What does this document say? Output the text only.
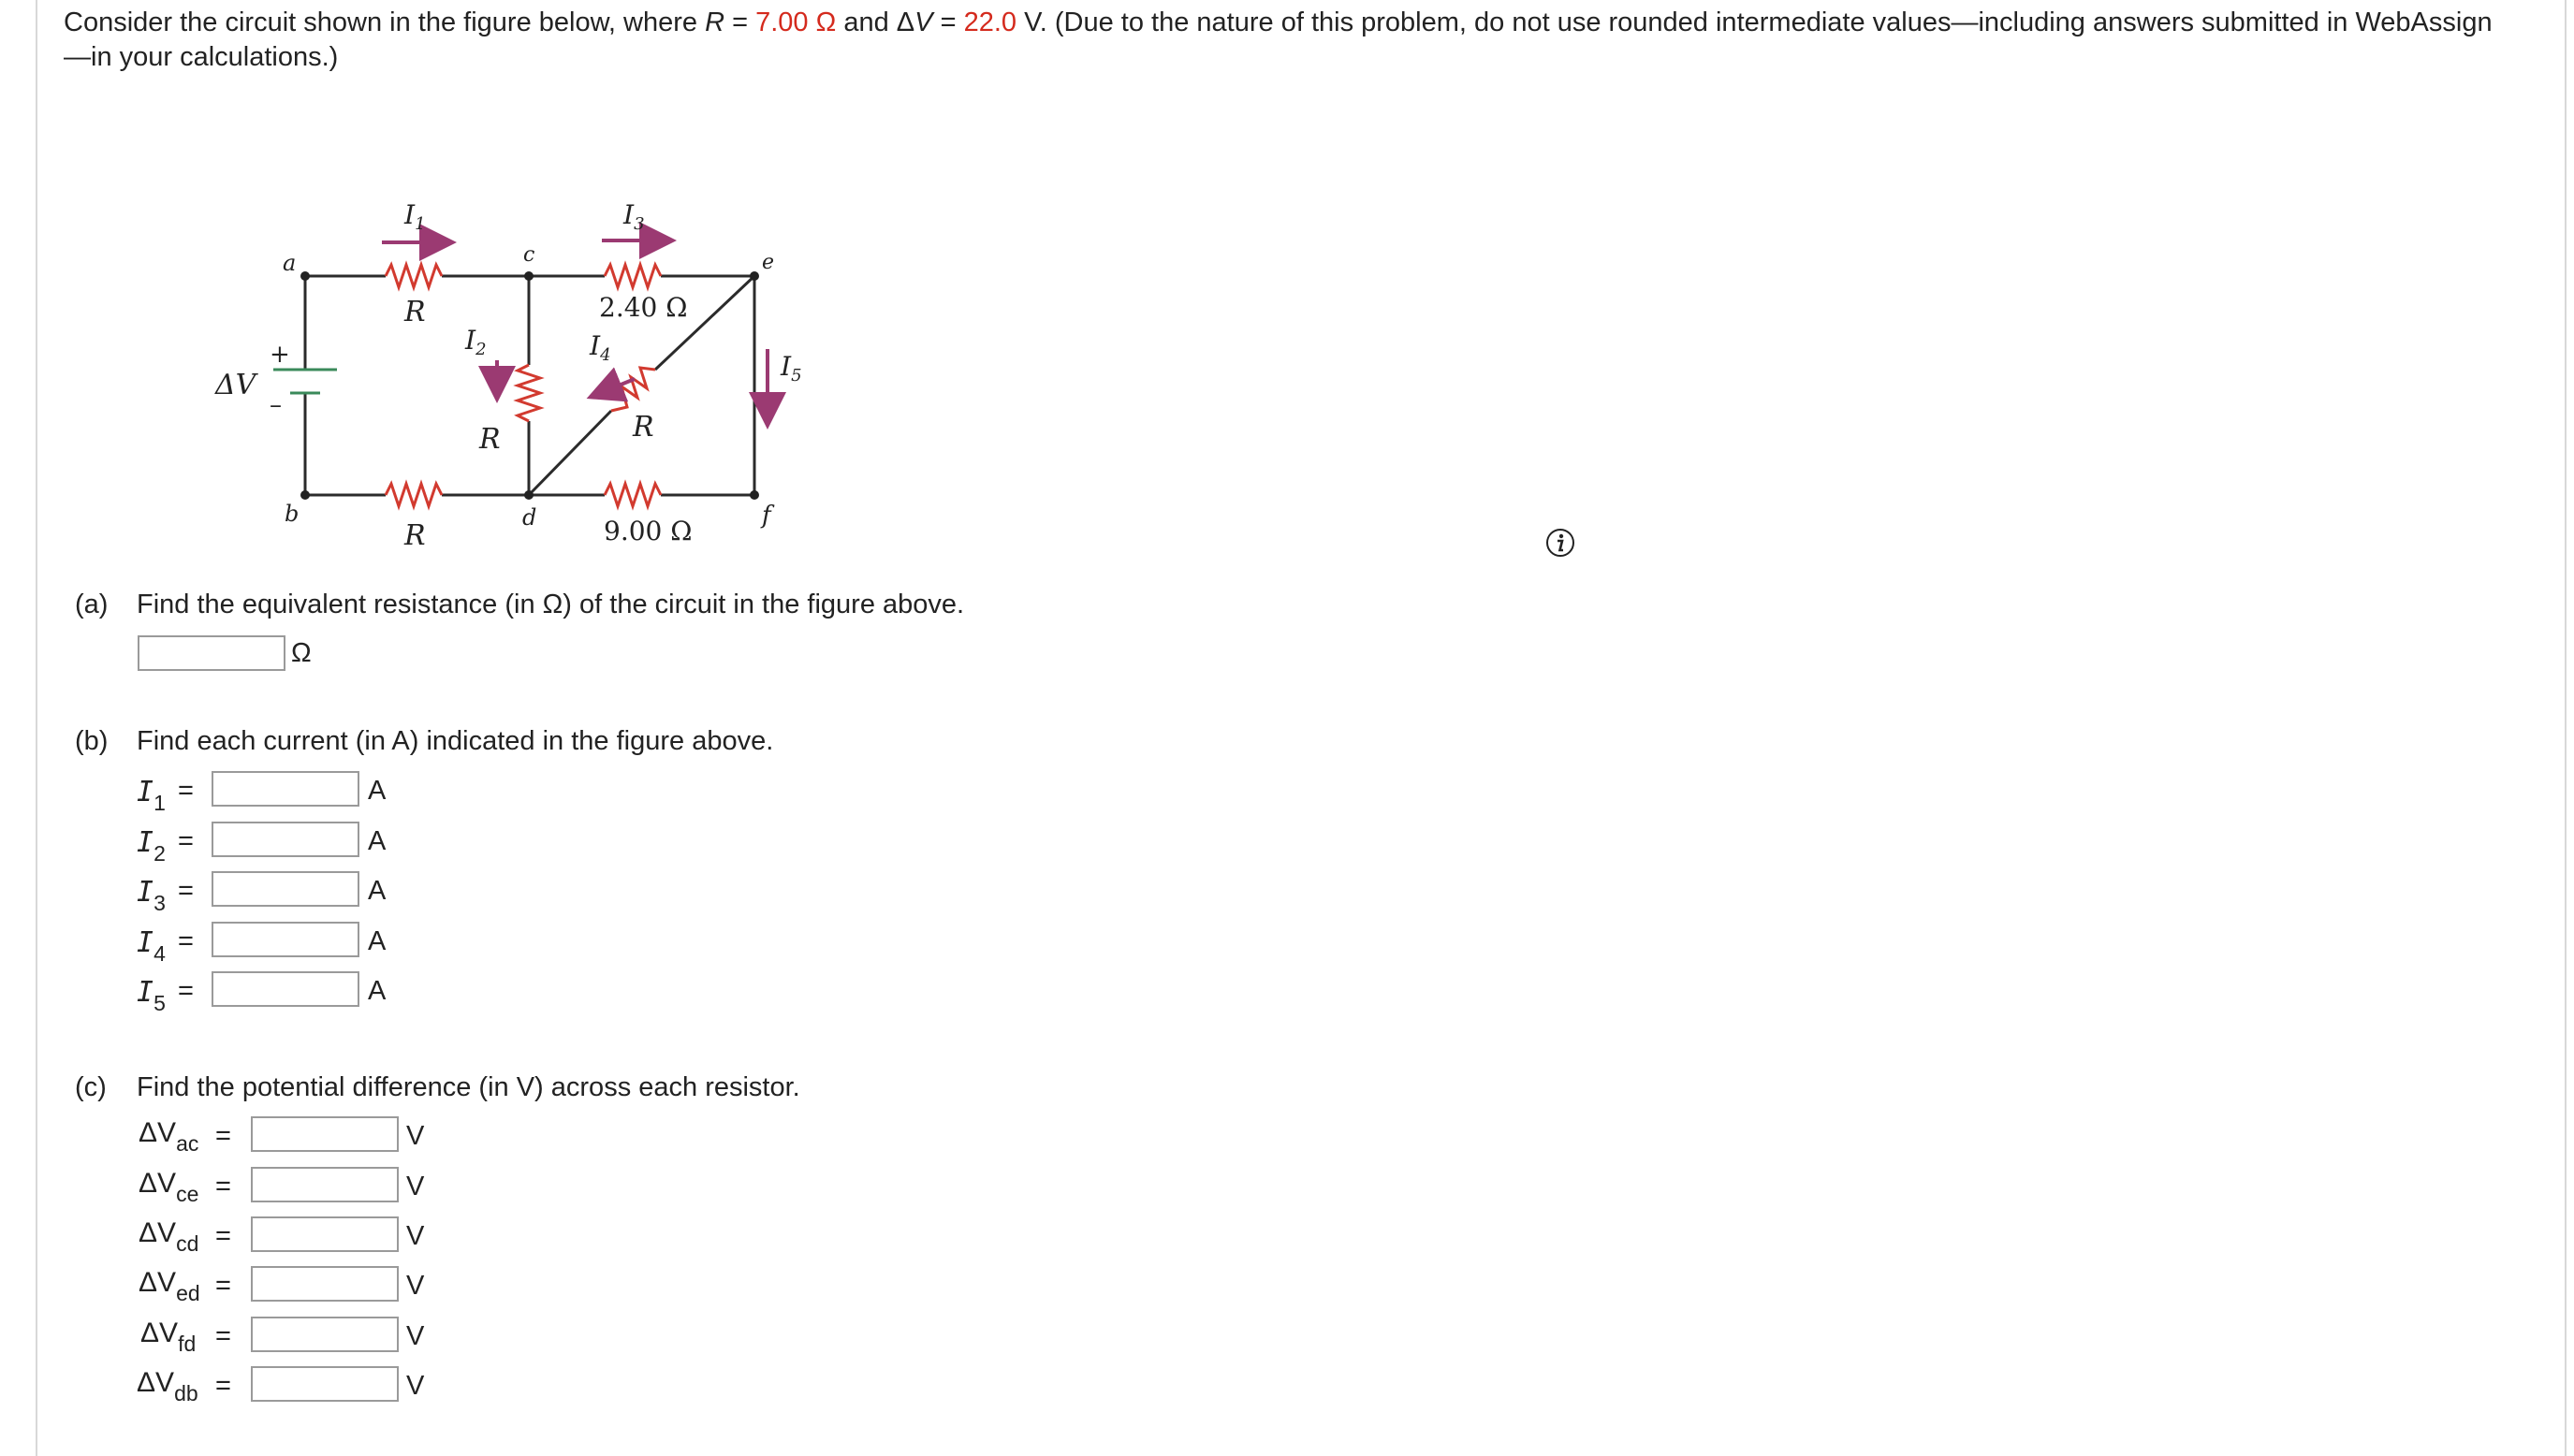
Consider the circuit shown in the figure below, where R = 7.00 Ω and ΔV = 22.0 V. (Due to the nature of this problem, do not use rounded intermediate values—including answers submitted in WebAssign—in your calculations.)
+
–
ΔV
a
b
c
d
e
f
R
R
R	R
2.40 Ω
9.00 Ω
$I_1$	$I_3$
$I_2$	$I_4$	$I_5$
(a) Find the equivalent resistance (in Ω) of the circuit in the figure above.
Ω
(b) Find each current (in A) indicated in the figure above.
$I_1$ =	A
$I_2$ =	A
$I_3$ =	A
$I_4$ =	A
$I_5$ =	A
(c) Find the potential difference (in V) across each resistor.
$\Delta V_{ac}$ =	V
$\Delta V_{ce}$ =	V
$\Delta V_{cd}$ =	V
$\Delta V_{ed}$ =	V
$\Delta V_{fd}$ =	V
$\Delta V_{db}$ =	V
